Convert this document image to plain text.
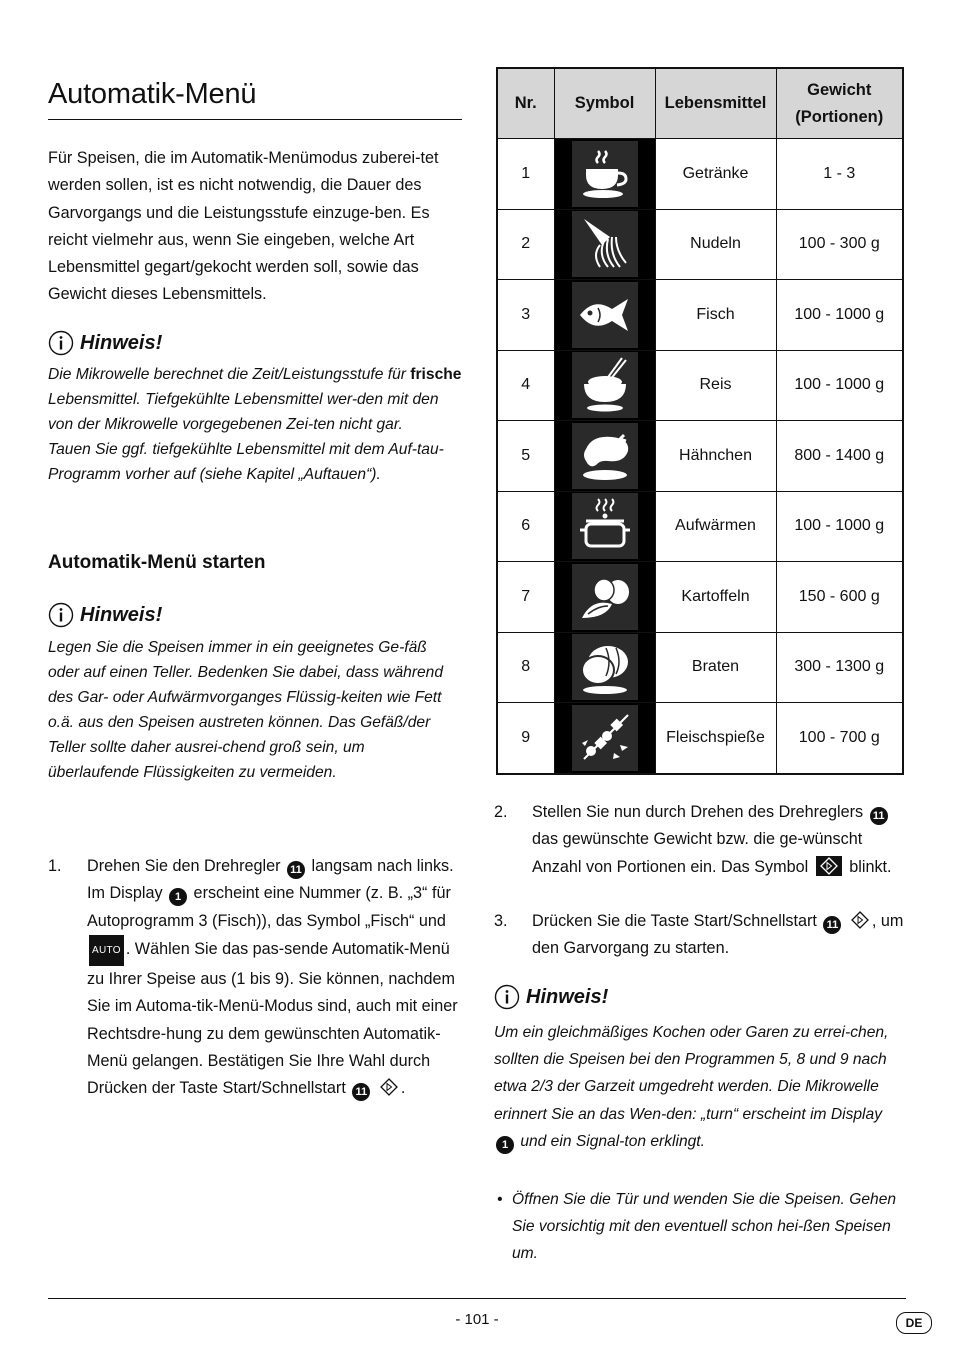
Automatik-Menü
Für Speisen, die im Automatik-Menümodus zuberei-tet werden sollen, ist es nicht notwendig, die Dauer des Garvorgangs und die Leistungsstufe einzuge-ben. Es reicht vielmehr aus, wenn Sie eingeben, welche Art Lebensmittel gegart/gekocht werden soll, sowie das Gewicht dieses Lebensmittels.
Hinweis!
Die Mikrowelle berechnet die Zeit/Leistungsstufe für frische Lebensmittel. Tiefgekühlte Lebensmittel wer-den mit den von der Mikrowelle vorgegebenen Zei-ten nicht gar.
Tauen Sie ggf. tiefgekühlte Lebensmittel mit dem Auf-tau-Programm vorher auf (siehe Kapitel „Auftauen“).
Automatik-Menü starten
Hinweis!
Legen Sie die Speisen immer in ein geeignetes Ge-fäß oder auf einen Teller. Bedenken Sie dabei, dass während des Gar- oder Aufwärmvorganges Flüssig-keiten wie Fett o.ä. aus den Speisen austreten können. Das Gefäß/der Teller sollte daher ausrei-chend groß sein, um überlaufende Flüssigkeiten zu vermeiden.
1. Drehen Sie den Drehregler 11 langsam nach links. Im Display 1 erscheint eine Nummer (z. B. „3“ für Autoprogramm 3 (Fisch)), das Symbol „Fisch“ und AUTO . Wählen Sie das pas-sende Automatik-Menü zu Ihrer Speise aus (1 bis 9). Sie können, nachdem Sie im Automa-tik-Menü-Modus sind, auch mit einer Rechtsdre-hung zu dem gewünschten Automatik-Menü gelangen. Bestätigen Sie Ihre Wahl durch Drücken der Taste Start/Schnellstart 11 .
Nr.	Symbol	Lebensmittel	Gewicht (Portionen)
1		Getränke	1 - 3
2		Nudeln	100 - 300 g
3		Fisch	100 - 1000 g
4		Reis	100 - 1000 g
5		Hähnchen	800 - 1400 g
6		Aufwärmen	100 - 1000 g
7		Kartoffeln	150 - 600 g
8		Braten	300 - 1300 g
9		Fleischspieße	100 - 700 g
2. Stellen Sie nun durch Drehen des Drehreglers 11 das gewünschte Gewicht bzw. die ge-wünscht Anzahl von Portionen ein. Das Symbol  blinkt.
3. Drücken Sie die Taste Start/Schnellstart 11 , um den Garvorgang zu starten.
Hinweis!
Um ein gleichmäßiges Kochen oder Garen zu errei-chen, sollten die Speisen bei den Programmen 5, 8 und 9 nach etwa 2/3 der Garzeit umgedreht werden. Die Mikrowelle erinnert Sie an das Wen-den: „turn“ erscheint im Display 1 und ein Signal-ton erklingt.
• Öffnen Sie die Tür und wenden Sie die Speisen. Gehen Sie vorsichtig mit den eventuell schon hei-ßen Speisen um.
- 101 -	DE
